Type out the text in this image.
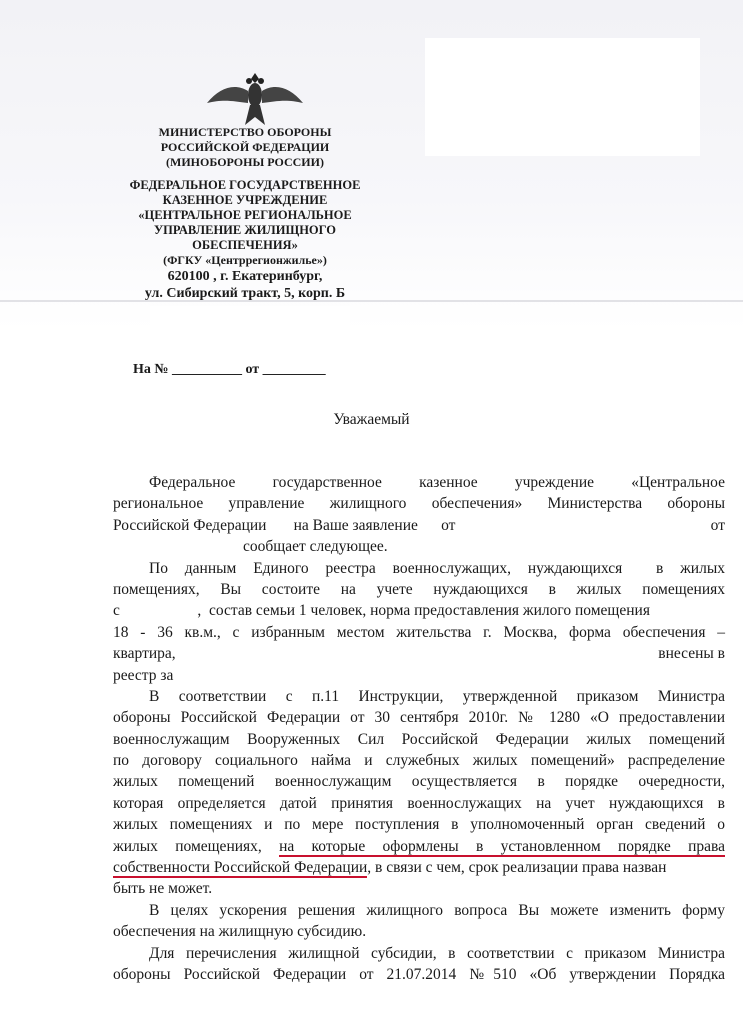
МИНИСТЕРСТВО ОБОРОНЫ
РОССИЙСКОЙ ФЕДЕРАЦИИ
(МИНОБОРОНЫ РОССИИ)
ФЕДЕРАЛЬНОЕ ГОСУДАРСТВЕННОЕ
КАЗЕННОЕ УЧРЕЖДЕНИЕ
«ЦЕНТРАЛЬНОЕ РЕГИОНАЛЬНОЕ
УПРАВЛЕНИЕ ЖИЛИЩНОГО
ОБЕСПЕЧЕНИЯ»
(ФГКУ «Центррегионжилье»)
620100 , г. Екатеринбург,
ул. Сибирский тракт, 5, корп. Б
На № __________ от _________
Уважаемый
Федеральное государственное казенное учреждение «Центральное
региональное управление жилищного обеспечения» Министерства обороны
Российской Федерации       на Ваше заявление      от	от
сообщает следующее.
По данным Единого реестра военнослужащих, нуждающихся  в жилых
помещениях, Вы состоите на учете нуждающихся в жилых помещениях
с                    ,  состав семьи 1 человек, норма предоставления жилого помещения
18 - 36 кв.м., с избранным местом жительства г. Москва, форма обеспечения –
квартира,	внесены в
реестр за
В соответствии с п.11 Инструкции, утвержденной приказом Министра
обороны Российской Федерации от 30 сентября 2010г. № 1280 «О предоставлении
военнослужащим Вооруженных Сил Российской Федерации жилых помещений
по договору социального найма и служебных жилых помещений» распределение
жилых помещений военнослужащим осуществляется в порядке очередности,
которая определяется датой принятия военнослужащих на учет нуждающихся в
жилых помещениях и по мере поступления в уполномоченный орган сведений о
жилых помещениях, на которые оформлены в установленном порядке права
собственности Российской Федерации, в связи с чем, срок реализации права назван
быть не может.
В целях ускорения решения жилищного вопроса Вы можете изменить форму
обеспечения на жилищную субсидию.
Для перечисления жилищной субсидии, в соответствии с приказом Министра
обороны Российской Федерации от 21.07.2014 №510 «Об утверждении Порядка
